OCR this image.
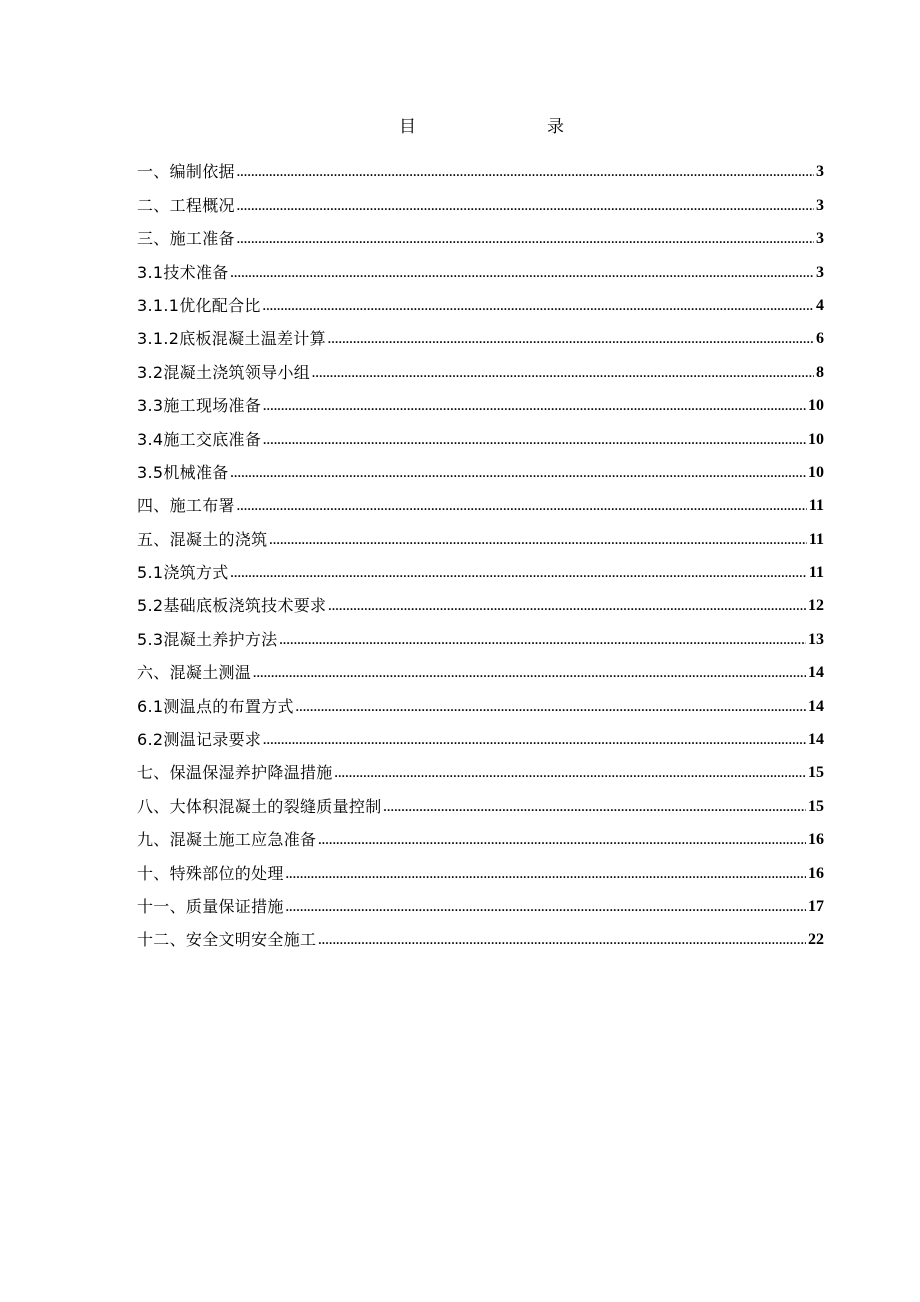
目	录
一、编制依据 .....	3
二、工程概况 .....	3
三、施工准备 .....	3
3.1技术准备 .....	3
3.1.1优化配合比 .....	4
3.1.2底板混凝土温差计算 .....	6
3.2混凝土浇筑领导小组 .....	8
3.3施工现场准备 .....	10
3.4施工交底准备 .....	10
3.5机械准备 .....	10
四、施工布署 .....	11
五、混凝土的浇筑 .....	11
5.1浇筑方式 .....	11
5.2基础底板浇筑技术要求 .....	12
5.3混凝土养护方法 .....	13
六、混凝土测温 .....	14
6.1测温点的布置方式 .....	14
6.2测温记录要求 .....	14
七、保温保湿养护降温措施 .....	15
八、大体积混凝土的裂缝质量控制 .....	15
九、混凝土施工应急准备 .....	16
十、特殊部位的处理 .....	16
十一、质量保证措施 .....	17
十二、安全文明安全施工 .....	22
